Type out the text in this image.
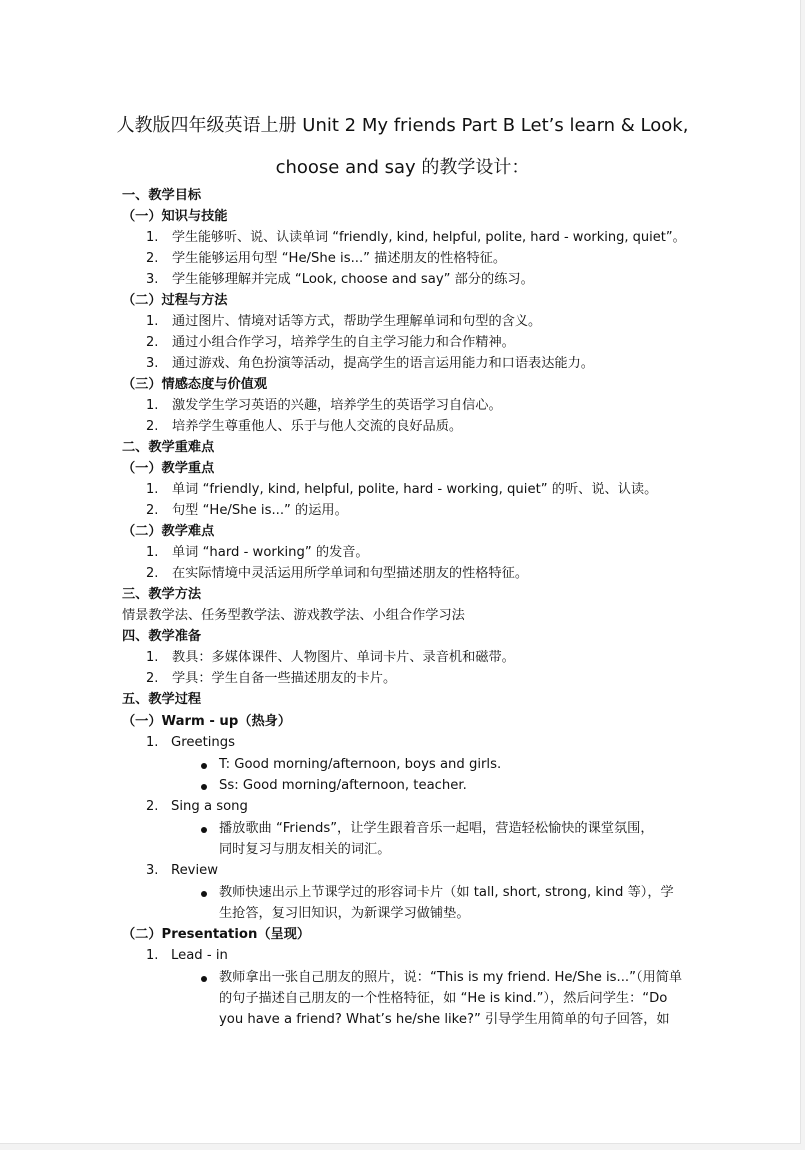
人教版四年级英语上册 Unit 2 My friends Part B Let’s learn & Look,
choose and say 的教学设计：
一、教学目标
（一）知识与技能
1. 学生能够听、说、认读单词 “friendly, kind, helpful, polite, hard - working, quiet”。
2. 学生能够运用句型 “He/She is...” 描述朋友的性格特征。
3. 学生能够理解并完成 “Look, choose and say” 部分的练习。
（二）过程与方法
1. 通过图片、情境对话等方式，帮助学生理解单词和句型的含义。
2. 通过小组合作学习，培养学生的自主学习能力和合作精神。
3. 通过游戏、角色扮演等活动，提高学生的语言运用能力和口语表达能力。
（三）情感态度与价值观
1. 激发学生学习英语的兴趣，培养学生的英语学习自信心。
2. 培养学生尊重他人、乐于与他人交流的良好品质。
二、教学重难点
（一）教学重点
1. 单词 “friendly, kind, helpful, polite, hard - working, quiet” 的听、说、认读。
2. 句型 “He/She is...” 的运用。
（二）教学难点
1. 单词 “hard - working” 的发音。
2. 在实际情境中灵活运用所学单词和句型描述朋友的性格特征。
三、教学方法
情景教学法、任务型教学法、游戏教学法、小组合作学习法
四、教学准备
1. 教具：多媒体课件、人物图片、单词卡片、录音机和磁带。
2. 学具：学生自备一些描述朋友的卡片。
五、教学过程
（一）Warm - up（热身）
1. Greetings
T: Good morning/afternoon, boys and girls.
Ss: Good morning/afternoon, teacher.
2. Sing a song
播放歌曲 “Friends”，让学生跟着音乐一起唱，营造轻松愉快的课堂氛围，
同时复习与朋友相关的词汇。
3. Review
教师快速出示上节课学过的形容词卡片（如 tall, short, strong, kind 等），学
生抢答，复习旧知识，为新课学习做铺垫。
（二）Presentation（呈现）
1. Lead - in
教师拿出一张自己朋友的照片，说：“This is my friend. He/She is...”（用简单
的句子描述自己朋友的一个性格特征，如 “He is kind.”），然后问学生：“Do
you have a friend? What’s he/she like?” 引导学生用简单的句子回答，如
